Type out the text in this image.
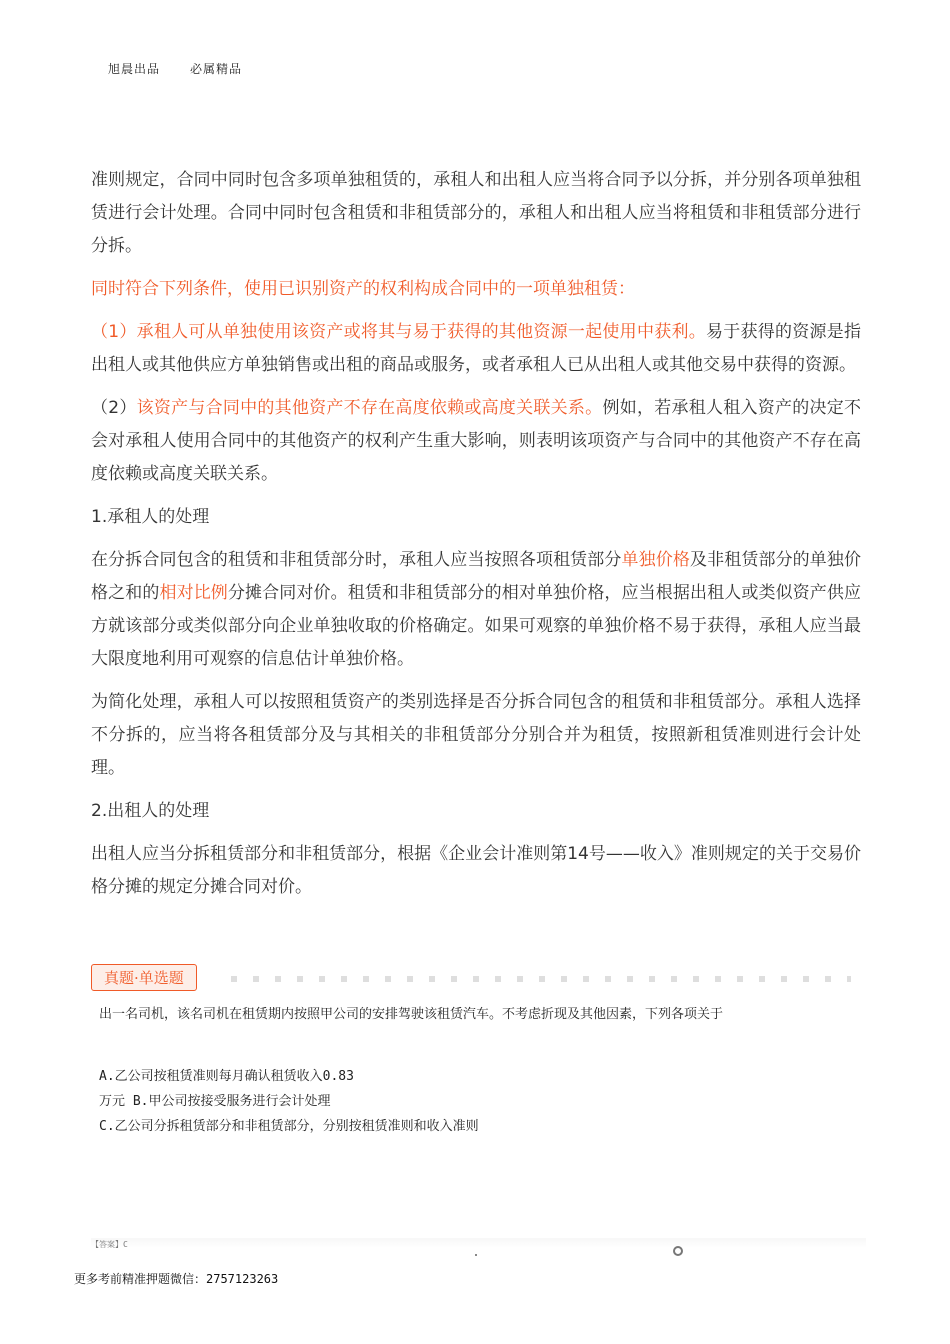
旭晨出品	必属精品

准则规定，合同中同时包含多项单独租赁的，承租人和出租人应当将合同予以分拆，并分别各项单独租赁进行会计处理。合同中同时包含租赁和非租赁部分的，承租人和出租人应当将租赁和非租赁部分进行分拆。

同时符合下列条件，使用已识别资产的权利构成合同中的一项单独租赁：

（1）承租人可从单独使用该资产或将其与易于获得的其他资源一起使用中获利。易于获得的资源是指出租人或其他供应方单独销售或出租的商品或服务，或者承租人已从出租人或其他交易中获得的资源。

（2）该资产与合同中的其他资产不存在高度依赖或高度关联关系。例如，若承租人租入资产的决定不会对承租人使用合同中的其他资产的权利产生重大影响，则表明该项资产与合同中的其他资产不存在高度依赖或高度关联关系。

1.承租人的处理

在分拆合同包含的租赁和非租赁部分时，承租人应当按照各项租赁部分单独价格及非租赁部分的单独价格之和的相对比例分摊合同对价。租赁和非租赁部分的相对单独价格，应当根据出租人或类似资产供应方就该部分或类似部分向企业单独收取的价格确定。如果可观察的单独价格不易于获得，承租人应当最大限度地利用可观察的信息估计单独价格。

为简化处理，承租人可以按照租赁资产的类别选择是否分拆合同包含的租赁和非租赁部分。承租人选择不分拆的，应当将各租赁部分及与其相关的非租赁部分分别合并为租赁，按照新租赁准则进行会计处理。

2.出租人的处理

出租人应当分拆租赁部分和非租赁部分，根据《企业会计准则第14号——收入》准则规定的关于交易价格分摊的规定分摊合同对价。

真题·单选题
出一名司机，该名司机在租赁期内按照甲公司的安排驾驶该租赁汽车。不考虑折现及其他因素，下列各项关于
A.乙公司按租赁准则每月确认租赁收入0.83
万元 B.甲公司按接受服务进行会计处理
C.乙公司分拆租赁部分和非租赁部分，分别按租赁准则和收入准则
更多考前精准押题微信：2757123263
